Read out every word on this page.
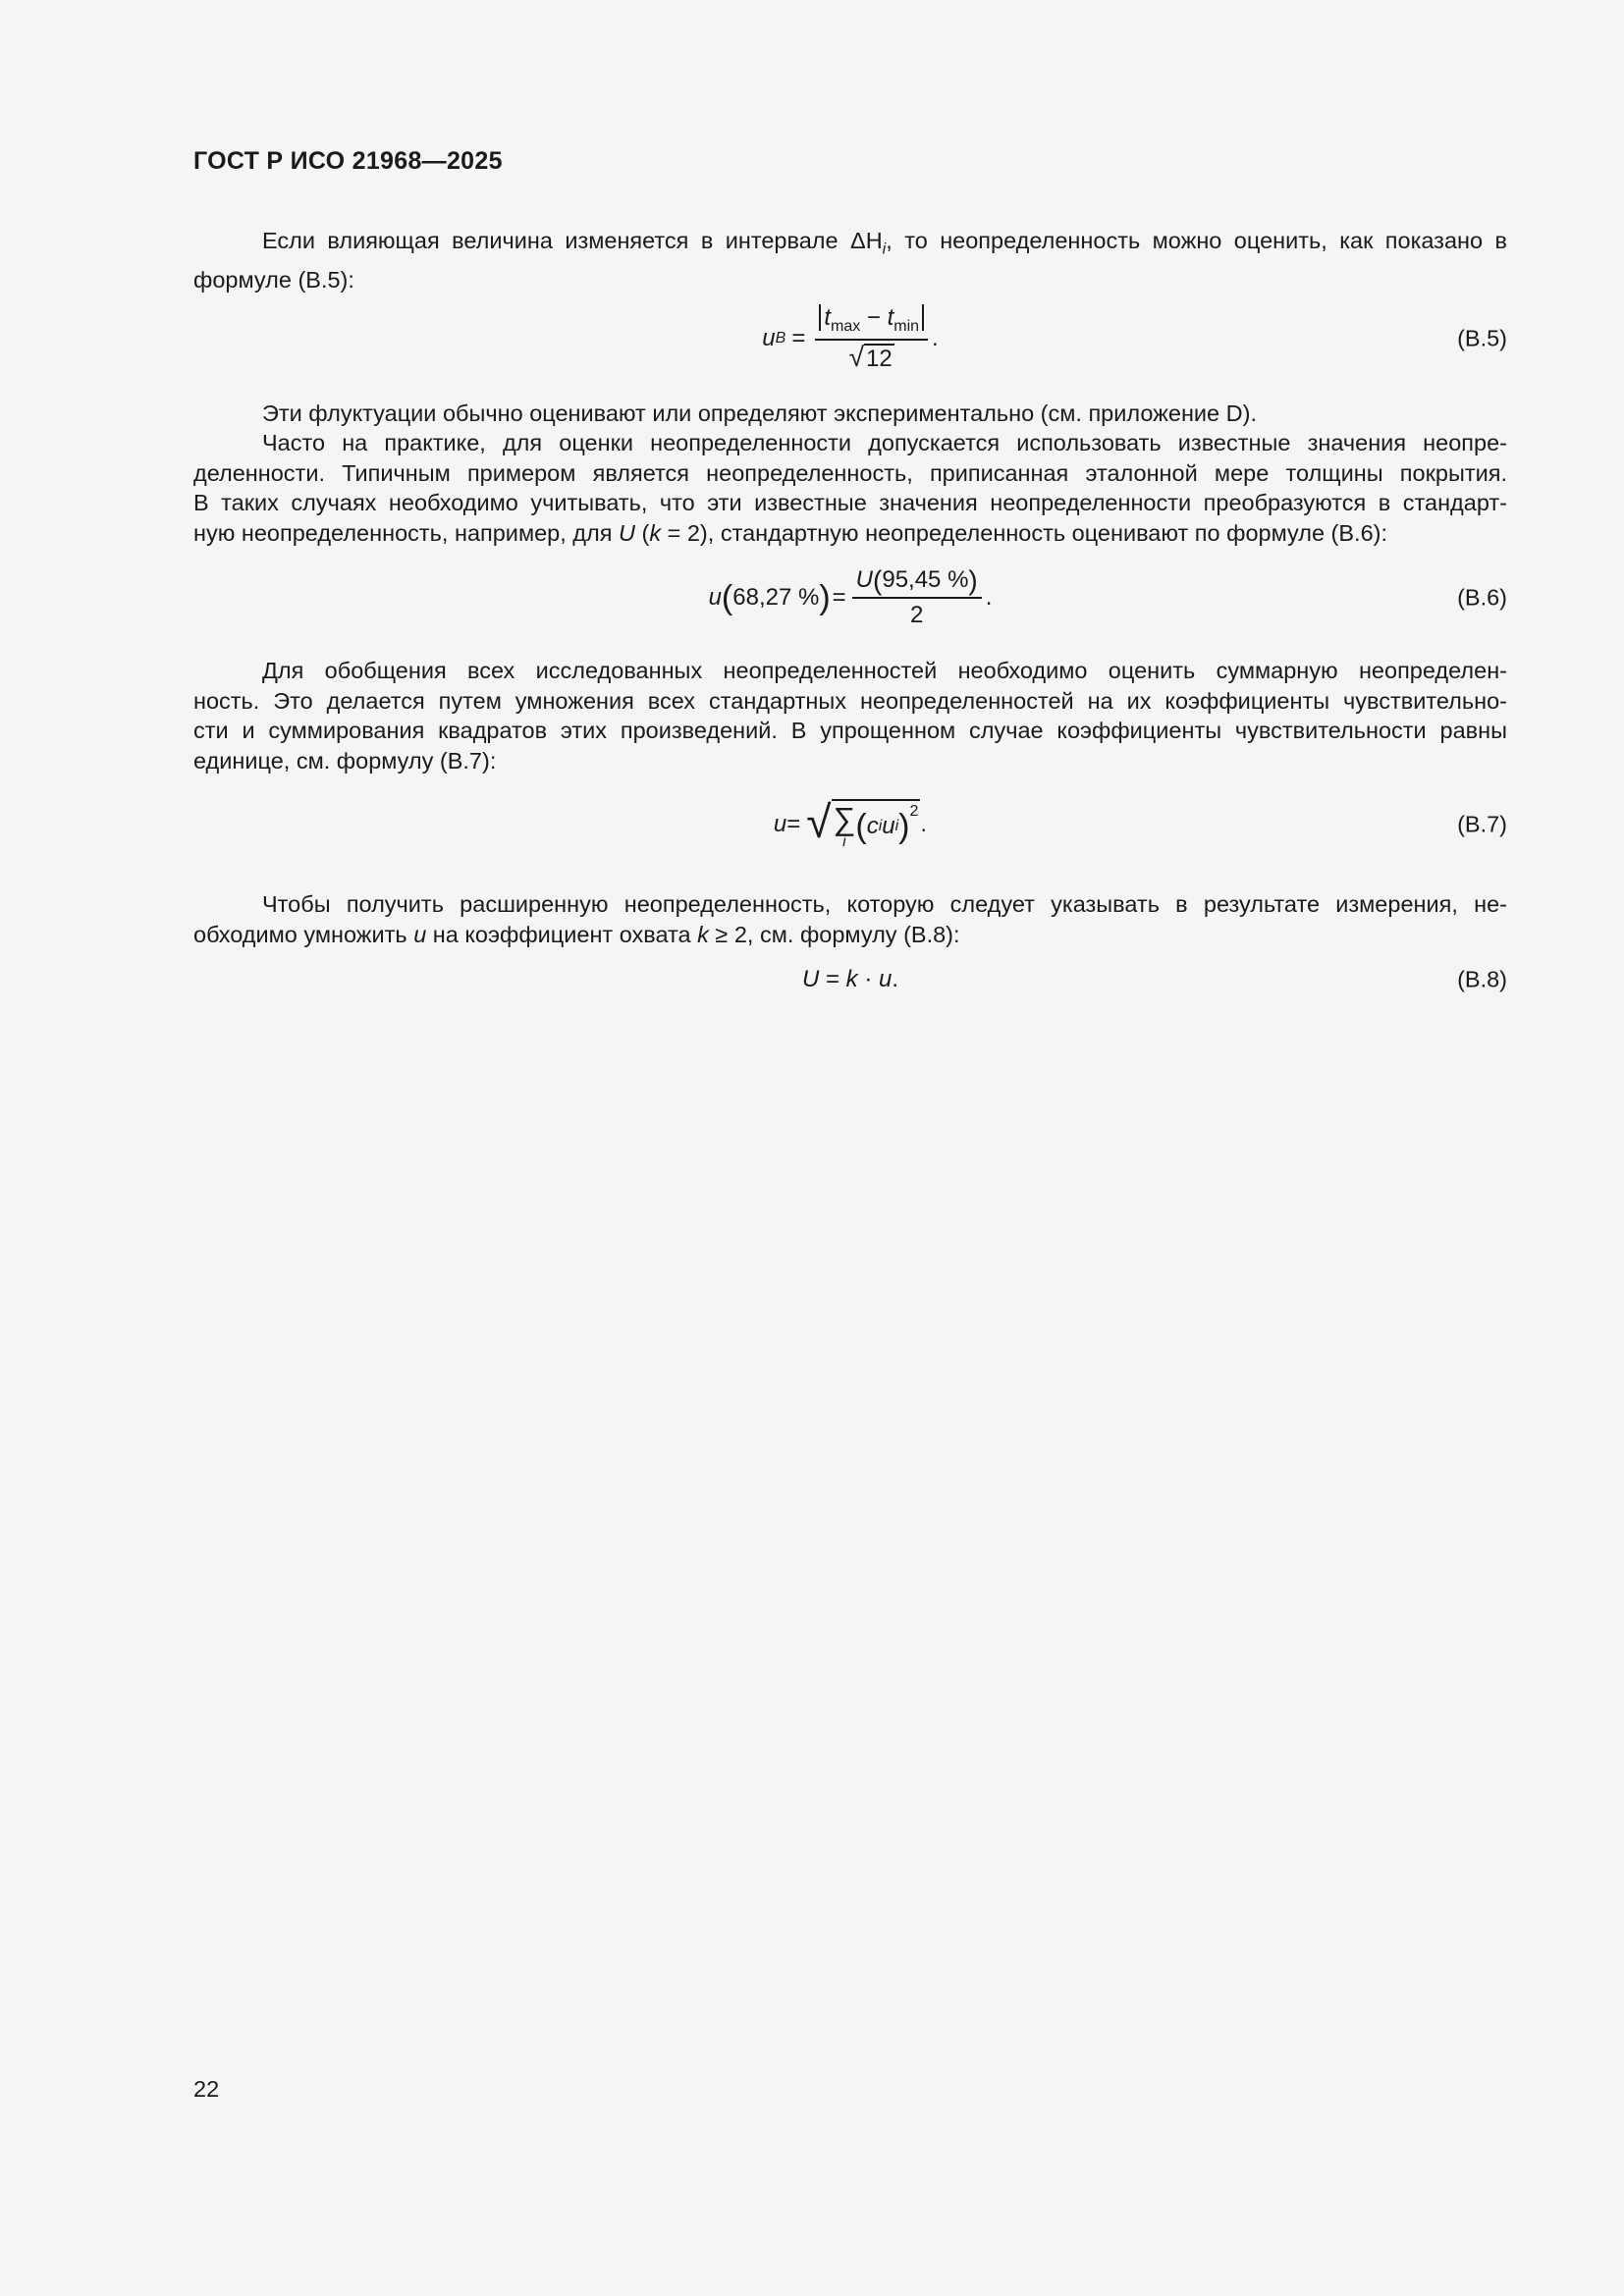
ГОСТ Р ИСО 21968—2025
Если влияющая величина изменяется в интервале $\Delta H_i$, то неопределенность можно оценить, как показано в
формуле (B.5):
u $B = \frac{t_{max} - t_{min}}{√ 12}$ .	(B.5)
Эти флуктуации обычно оценивают или определяют экспериментально (см. приложение D).
Часто на практике, для оценки неопределенности допускается использовать известные значения неопре-
деленности. Типичным примером является неопределенность, приписанная эталонной мере толщины покрытия.
В таких случаях необходимо учитывать, что эти известные значения неопределенности преобразуются в стандарт-
ную неопределенность, например, для U (k = 2), стандартную неопределенность оценивают по формуле (B.6):
u ( 68,27 % ) = $\frac{U(95,45 \%)}{2}$ .	(B.6)
Для обобщения всех исследованных неопределенностей необходимо оценить суммарную неопределен-
ность. Это делается путем умножения всех стандартных неопределенностей на их коэффициенты чувствительно-
сти и суммирования квадратов этих произведений. В упрощенном случае коэффициенты чувствительности равны
единице, см. формулу (B.7):
u = √ ∑
i ( c i u i )$^2$ .	(B.7)
Чтобы получить расширенную неопределенность, которую следует указывать в результате измерения, не-
обходимо умножить u на коэффициент охвата k ≥ 2, см. формулу (B.8):
U = k · u .	(B.8)
22
